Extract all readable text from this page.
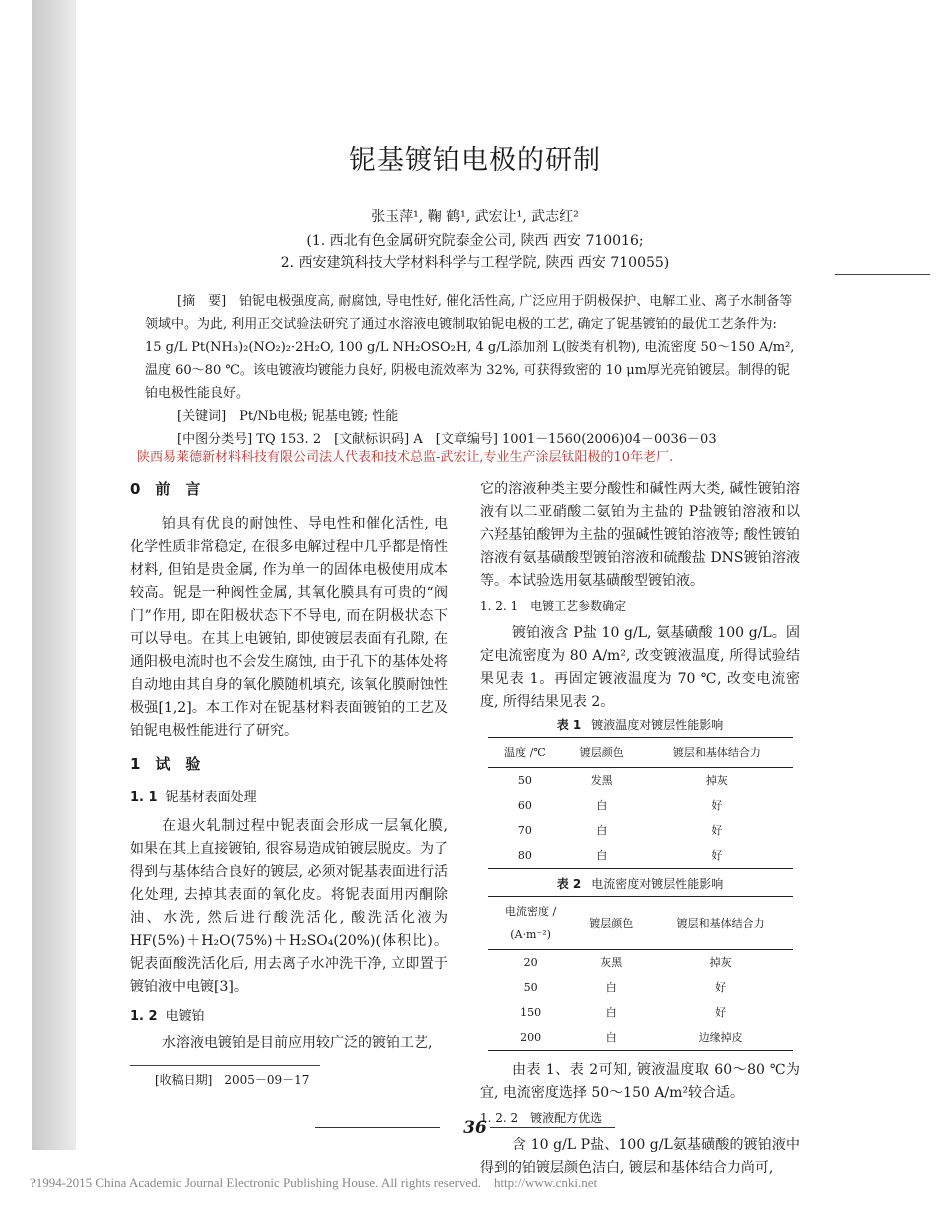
Apr. 2006 Vol.39 No.4
Materials Protection
铌基镀铂电极的研制
张玉萍¹, 鞠 鹤¹, 武宏让¹, 武志红²
(1. 西北有色金属研究院泰金公司, 陕西 西安 710016;
2. 西安建筑科技大学材料科学与工程学院, 陕西 西安 710055)

[摘　要]　 铂铌电极强度高, 耐腐蚀, 导电性好, 催化活性高, 广泛应用于阴极保护、电解工业、离子水制备等领域中。为此, 利用正交试验法研究了通过水溶液电镀制取铂铌电极的工艺, 确定了铌基镀铂的最优工艺条件为: 15 g/L Pt(NH₃)₂(NO₂)₂·2H₂O, 100 g/L NH₂OSO₂H, 4 g/L添加剂 L(胺类有机物), 电流密度 50～150 A/m², 温度 60～80 ℃。该电镀液均镀能力良好, 阴极电流效率为 32%, 可获得致密的 10 μm厚光亮铂镀层。制得的铌铂电极性能良好。

[关键词]　 Pt/Nb电极; 铌基电镀; 性能

[中图分类号] TQ 153. 2　[文献标识码] A　[文章编号] 1001－1560(2006)04－0036－03

陕西易莱德新材料科技有限公司法人代表和技术总监-武宏让,专业生产涂层钛阳极的10年老厂.

0　前　言

铂具有优良的耐蚀性、导电性和催化活性, 电化学性质非常稳定, 在很多电解过程中几乎都是惰性材料, 但铂是贵金属, 作为单一的固体电极使用成本较高。铌是一种阀性金属, 其氧化膜具有可贵的“阀门”作用, 即在阳极状态下不导电, 而在阴极状态下可以导电。在其上电镀铂, 即使镀层表面有孔隙, 在通阳极电流时也不会发生腐蚀, 由于孔下的基体处将自动地由其自身的氧化膜随机填充, 该氧化膜耐蚀性极强[1,2]。本工作对在铌基材料表面镀铂的工艺及铂铌电极性能进行了研究。

1　试　验

1. 1 铌基材表面处理

在退火轧制过程中铌表面会形成一层氧化膜, 如果在其上直接镀铂, 很容易造成铂镀层脱皮。为了得到与基体结合良好的镀层, 必须对铌基表面进行活化处理, 去掉其表面的氧化皮。将铌表面用丙酮除油、水洗, 然后进行酸洗活化, 酸洗活化液为 HF(5%)＋H₂O(75%)＋H₂SO₄(20%)(体积比)。铌表面酸洗活化后, 用去离子水冲洗干净, 立即置于镀铂液中电镀[3]。

1. 2 电镀铂

水溶液电镀铂是目前应用较广泛的镀铂工艺,

[收稿日期]　2005－09－17

它的溶液种类主要分酸性和碱性两大类, 碱性镀铂溶液有以二亚硝酸二氨铂为主盐的 P盐镀铂溶液和以六羟基铂酸钾为主盐的强碱性镀铂溶液等; 酸性镀铂溶液有氨基磺酸型镀铂溶液和硫酸盐 DNS镀铂溶液等。本试验选用氨基磺酸型镀铂液。

1. 2. 1　电镀工艺参数确定

镀铂液含 P盐 10 g/L, 氨基磺酸 100 g/L。固定电流密度为 80 A/m², 改变镀液温度, 所得试验结果见表 1。再固定镀液温度为 70 ℃, 改变电流密度, 所得结果见表 2。

表 1 镀液温度对镀层性能影响

温度 /℃	镀层颜色	镀层和基体结合力
50	发黑	掉灰
60	白	好
70	白	好
80	白	好

表 2 电流密度对镀层性能影响

电流密度 /
(A·m⁻²)	镀层颜色	镀层和基体结合力
20	灰黑	掉灰
50	白	好
150	白	好
200	白	边缘掉皮

由表 1、表 2可知, 镀液温度取 60～80 ℃为宜, 电流密度选择 50～150 A/m²较合适。

1. 2. 2　镀液配方优选

含 10 g/L P盐、100 g/L氨基磺酸的镀铂液中得到的铂镀层颜色洁白, 镀层和基体结合力尚可,

36
?1994-2015 China Academic Journal Electronic Publishing House. All rights reserved.　http://www.cnki.net
